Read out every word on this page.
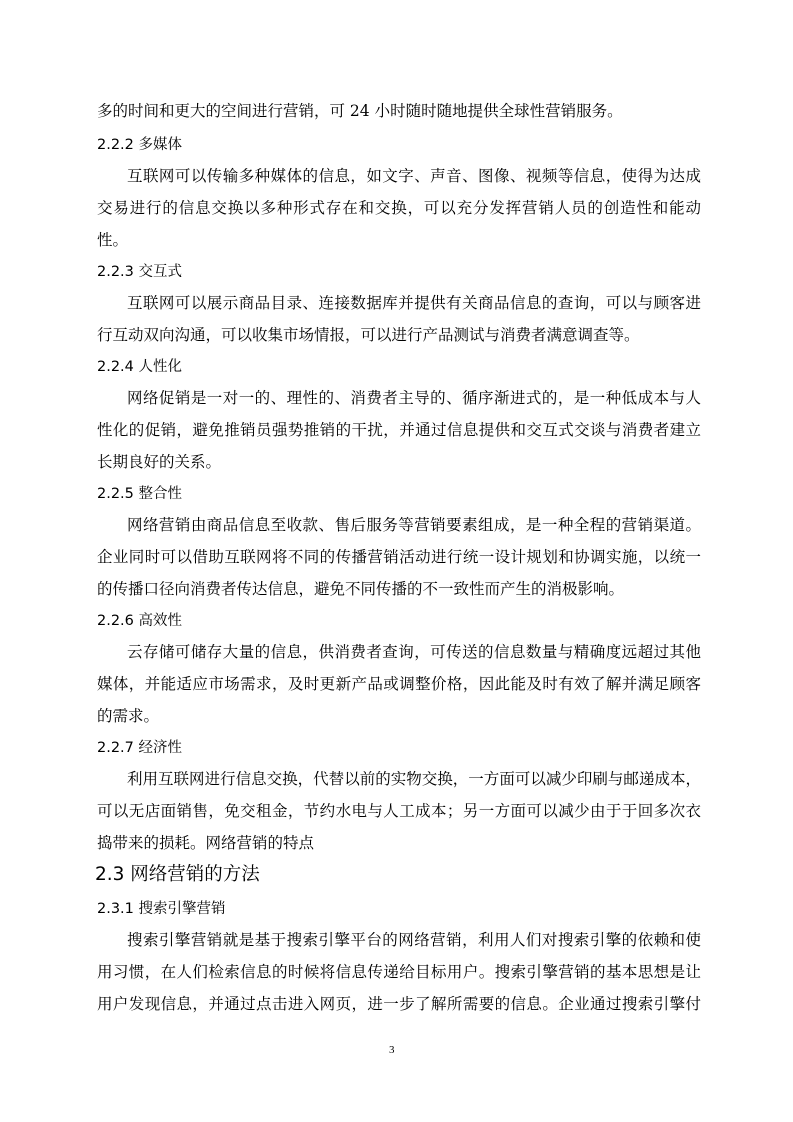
多的时间和更大的空间进行营销，可 24 小时随时随地提供全球性营销服务。
2.2.2 多媒体
互联网可以传输多种媒体的信息，如文字、声音、图像、视频等信息，使得为达成
交易进行的信息交换以多种形式存在和交换，可以充分发挥营销人员的创造性和能动
性。
2.2.3 交互式
互联网可以展示商品目录、连接数据库并提供有关商品信息的查询，可以与顾客进
行互动双向沟通，可以收集市场情报，可以进行产品测试与消费者满意调查等。
2.2.4 人性化
网络促销是一对一的、理性的、消费者主导的、循序渐进式的，是一种低成本与人
性化的促销，避免推销员强势推销的干扰，并通过信息提供和交互式交谈与消费者建立
长期良好的关系。
2.2.5 整合性
网络营销由商品信息至收款、售后服务等营销要素组成，是一种全程的营销渠道。
企业同时可以借助互联网将不同的传播营销活动进行统一设计规划和协调实施，以统一
的传播口径向消费者传达信息，避免不同传播的不一致性而产生的消极影响。
2.2.6 高效性
云存储可储存大量的信息，供消费者查询，可传送的信息数量与精确度远超过其他
媒体，并能适应市场需求，及时更新产品或调整价格，因此能及时有效了解并满足顾客
的需求。
2.2.7 经济性
利用互联网进行信息交换，代替以前的实物交换，一方面可以减少印刷与邮递成本，
可以无店面销售，免交租金，节约水电与人工成本；另一方面可以减少由于于回多次衣
捣带来的损耗。网络营销的特点
2.3 网络营销的方法
2.3.1 搜索引擎营销
搜索引擎营销就是基于搜索引擎平台的网络营销，利用人们对搜索引擎的依赖和使
用习惯，在人们检索信息的时候将信息传递给目标用户。搜索引擎营销的基本思想是让
用户发现信息，并通过点击进入网页，进一步了解所需要的信息。企业通过搜索引擎付
3
